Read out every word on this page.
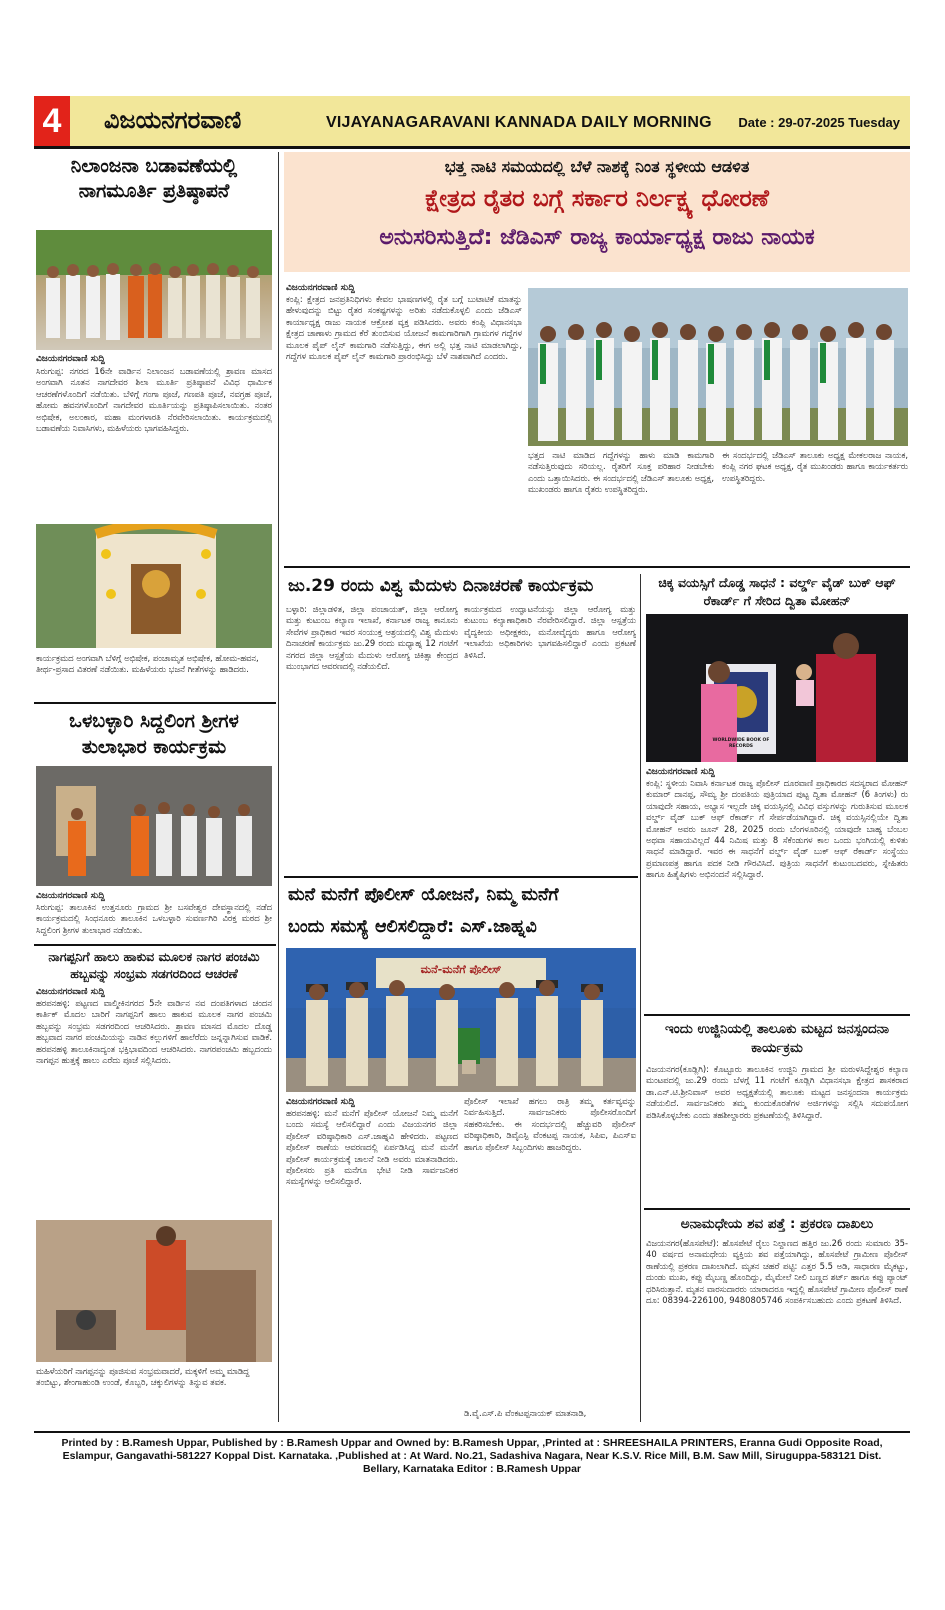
4	ವಿಜಯನಗರವಾಣಿ	VIJAYANAGARAVANI KANNADA DAILY MORNING Date : 29-07-2025 Tuesday
ನಿಲಾಂಜನಾ ಬಡಾವಣೆಯಲ್ಲಿ ನಾಗಮೂರ್ತಿ ಪ್ರತಿಷ್ಠಾಪನೆ
ವಿಜಯನಗರವಾಣಿ ಸುದ್ದಿ
ಸಿರುಗುಪ್ಪ: ನಗರದ 16ನೇ ವಾರ್ಡಿನ ನಿಲಾಂಜನ ಬಡಾವಣೆಯಲ್ಲಿ ಶ್ರಾವಣ ಮಾಸದ ಅಂಗವಾಗಿ ನೂತನ ನಾಗದೇವರ ಶಿಲಾ ಮೂರ್ತಿ ಪ್ರತಿಷ್ಠಾಪನೆ ವಿವಿಧ ಧಾರ್ಮಿಕ ಆಚರಣೆಗಳೊಂದಿಗೆ ನಡೆಯಿತು. ಬೆಳಿಗ್ಗೆ ಗಂಗಾ ಪೂಜೆ, ಗಣಪತಿ ಪೂಜೆ, ನವಗ್ರಹ ಪೂಜೆ, ಹೋಮ ಹವನಗಳೊಂದಿಗೆ ನಾಗದೇವರ ಮೂರ್ತಿಯನ್ನು ಪ್ರತಿಷ್ಠಾಪಿಸಲಾಯಿತು. ನಂತರ ಅಭಿಷೇಕ, ಅಲಂಕಾರ, ಮಹಾ ಮಂಗಳಾರತಿ ನೆರವೇರಿಸಲಾಯಿತು. ಕಾರ್ಯಕ್ರಮದಲ್ಲಿ ಬಡಾವಣೆಯ ನಿವಾಸಿಗಳು, ಮಹಿಳೆಯರು ಭಾಗವಹಿಸಿದ್ದರು.
ಕಾರ್ಯಕ್ರಮದ ಅಂಗವಾಗಿ ಬೆಳಿಗ್ಗೆ ಅಭಿಷೇಕ, ಪಂಚಾಮೃತ ಅಭಿಷೇಕ, ಹೋಮ-ಹವನ, ತೀರ್ಥ-ಪ್ರಸಾದ ವಿತರಣೆ ನಡೆಯಿತು. ಮಹಿಳೆಯರು ಭಜನೆ ಗೀತೆಗಳನ್ನು ಹಾಡಿದರು.
ಒಳಬಳ್ಳಾರಿ ಸಿದ್ದಲಿಂಗ ಶ್ರೀಗಳ ತುಲಾಭಾರ ಕಾರ್ಯಕ್ರಮ
ವಿಜಯನಗರವಾಣಿ ಸುದ್ದಿ
ಸಿರುಗುಪ್ಪ: ತಾಲೂಕಿನ ಉತ್ತನೂರು ಗ್ರಾಮದ ಶ್ರೀ ಬಸವೇಶ್ವರ ದೇವಸ್ಥಾನದಲ್ಲಿ ನಡೆದ ಕಾರ್ಯಕ್ರಮದಲ್ಲಿ ಸಿಂಧನೂರು ತಾಲೂಕಿನ ಒಳಬಳ್ಳಾರಿ ಸುವರ್ಣಗಿರಿ ವಿರಕ್ತ ಮಠದ ಶ್ರೀ ಸಿದ್ದಲಿಂಗ ಶ್ರೀಗಳ ತುಲಾಭಾರ ನಡೆಯಿತು.
ನಾಗಪ್ಪನಿಗೆ ಹಾಲು ಹಾಕುವ ಮೂಲಕ ನಾಗರ ಪಂಚಮಿ ಹಬ್ಬವನ್ನು ಸಂಭ್ರಮ ಸಡಗರದಿಂದ ಆಚರಣೆ
ವಿಜಯನಗರವಾಣಿ ಸುದ್ದಿ
ಹರಪನಹಳ್ಳಿ: ಪಟ್ಟಣದ ವಾಲ್ಮೀಕಿನಗರದ 5ನೇ ವಾರ್ಡಿನ ನವ ದಂಪತಿಗಳಾದ ಚಂದನ ಕಾರ್ತಿಕ್ ಮೊದಲ ಬಾರಿಗೆ ನಾಗಪ್ಪನಿಗೆ ಹಾಲು ಹಾಕುವ ಮೂಲಕ ನಾಗರ ಪಂಚಮಿ ಹಬ್ಬವನ್ನು ಸಂಭ್ರಮ ಸಡಗರದಿಂದ ಆಚರಿಸಿದರು. ಶ್ರಾವಣ ಮಾಸದ ಮೊದಲ ದೊಡ್ಡ ಹಬ್ಬವಾದ ನಾಗರ ಪಂಚಮಿಯನ್ನು ನಾಡಿನ ಕಲ್ಲುಗಳಿಗೆ ಹಾಲೆರೆದು ಜನ್ನನ್ನಾಗಿಸುವ ವಾಡಿಕೆ. ಹರಪನಹಳ್ಳಿ ತಾಲೂಕಿನಾದ್ಯಂತ ಭಕ್ತಿಭಾವದಿಂದ ಆಚರಿಸಿದರು. ನಾಗರಪಂಚಮಿ ಹಬ್ಬದಂದು ನಾಗಪ್ಪನ ಹುತ್ತಕ್ಕೆ ಹಾಲು ಎರೆದು ಪೂಜೆ ಸಲ್ಲಿಸಿದರು.
ಮಹಿಳೆಯರಿಗೆ ನಾಗಪ್ಪನನ್ನು ಪೂಜಿಸುವ ಸಂಭ್ರಮವಾದರೆ, ಮಕ್ಕಳಿಗೆ ಅಮ್ಮ ಮಾಡಿದ್ದ ತಂಬಿಟ್ಟು, ಶೇಂಗಾಹುಂಡಿ ಉಂಡೆ, ಕೊಬ್ಬರಿ, ಚಕ್ಕುಲಿಗಳನ್ನು ತಿನ್ನುವ ತವಕ.
ಭತ್ತ ನಾಟಿ ಸಮಯದಲ್ಲಿ ಬೆಳೆ ನಾಶಕ್ಕೆ ನಿಂತ ಸ್ಥಳೀಯ ಆಡಳಿತ
ಕ್ಷೇತ್ರದ ರೈತರ ಬಗ್ಗೆ ಸರ್ಕಾರ ನಿರ್ಲಕ್ಷ್ಯ ಧೋರಣೆ
ಅನುಸರಿಸುತ್ತಿದೆ: ಜೆಡಿಎಸ್ ರಾಜ್ಯ ಕಾರ್ಯಾಧ್ಯಕ್ಷ ರಾಜು ನಾಯಕ
ವಿಜಯನಗರವಾಣಿ ಸುದ್ದಿ
ಕಂಪ್ಲಿ: ಕ್ಷೇತ್ರದ ಜನಪ್ರತಿನಿಧಿಗಳು ಕೇವಲ ಭಾಷಣಗಳಲ್ಲಿ ರೈತ ಬಗ್ಗೆ ಬುಟಾಟಿಕೆ ಮಾತನ್ನು ಹೇಳುವುದನ್ನು ಬಿಟ್ಟು ರೈತರ ಸಂಕಷ್ಟಗಳನ್ನು ಅರಿತು ನಡೆದುಕೊಳ್ಳಲಿ ಎಂದು ಜೆಡಿಎಸ್ ಕಾರ್ಯಾಧ್ಯಕ್ಷ ರಾಜು ನಾಯಕ ಆಕ್ರೋಶ ವ್ಯಕ್ತ ಪಡಿಸಿದರು. ಅವರು ಕಂಪ್ಲಿ ವಿಧಾನಸಭಾ ಕ್ಷೇತ್ರದ ಚಾಣಾಳು ಗ್ರಾಮದ ಕೆರೆ ತುಂಬಿಸುವ ಯೋಜನೆ ಕಾಮಗಾರಿಗಾಗಿ ಗ್ರಾಮಗಳ ಗದ್ದೆಗಳ ಮೂಲಕ ಪೈಪ್ ಲೈನ್ ಕಾಮಗಾರಿ ನಡೆಸುತ್ತಿದ್ದು, ಈಗ ಅಲ್ಲಿ ಭತ್ತ ನಾಟಿ ಮಾಡಲಾಗಿದ್ದು, ಗದ್ದೆಗಳ ಮೂಲಕ ಪೈಪ್ ಲೈನ್ ಕಾಮಗಾರಿ ಪ್ರಾರಂಭಿಸಿದ್ದು ಬೆಳೆ ನಾಶವಾಗಿದೆ ಎಂದರು.
ಭತ್ತದ ನಾಟಿ ಮಾಡಿದ ಗದ್ದೆಗಳನ್ನು ಹಾಳು ಮಾಡಿ ಕಾಮಗಾರಿ ನಡೆಸುತ್ತಿರುವುದು ಸರಿಯಲ್ಲ. ರೈತರಿಗೆ ಸೂಕ್ತ ಪರಿಹಾರ ನೀಡಬೇಕು ಎಂದು ಒತ್ತಾಯಿಸಿದರು. ಈ ಸಂದರ್ಭದಲ್ಲಿ ಜೆಡಿಎಸ್ ತಾಲೂಕು ಅಧ್ಯಕ್ಷ, ಮುಖಂಡರು ಹಾಗೂ ರೈತರು ಉಪಸ್ಥಿತರಿದ್ದರು.
ಈ ಸಂದರ್ಭದಲ್ಲಿ ಜೆಡಿಎಸ್ ತಾಲೂಕು ಅಧ್ಯಕ್ಷ ಮೇಕಲರಾಜ ನಾಯಕ, ಕಂಪ್ಲಿ ನಗರ ಘಟಕ ಅಧ್ಯಕ್ಷ, ರೈತ ಮುಖಂಡರು ಹಾಗೂ ಕಾರ್ಯಕರ್ತರು ಉಪಸ್ಥಿತರಿದ್ದರು.
ಜು.29 ರಂದು ವಿಶ್ವ ಮೆದುಳು ದಿನಾಚರಣೆ ಕಾರ್ಯಕ್ರಮ
ಬಳ್ಳಾರಿ: ಜಿಲ್ಲಾಡಳಿತ, ಜಿಲ್ಲಾ ಪಂಚಾಯತ್, ಜಿಲ್ಲಾ ಆರೋಗ್ಯ ಮತ್ತು ಕುಟುಂಬ ಕಲ್ಯಾಣ ಇಲಾಖೆ, ಕರ್ನಾಟಕ ರಾಜ್ಯ ಕಾನೂನು ಸೇವೆಗಳ ಪ್ರಾಧಿಕಾರ ಇವರ ಸಂಯುಕ್ತ ಆಶ್ರಯದಲ್ಲಿ ವಿಶ್ವ ಮೆದುಳು ದಿನಾಚರಣೆ ಕಾರ್ಯಕ್ರಮ ಜು.29 ರಂದು ಮಧ್ಯಾಹ್ನ 12 ಗಂಟೆಗೆ ನಗರದ ಜಿಲ್ಲಾ ಆಸ್ಪತ್ರೆಯ ಮೆದುಳು ಆರೋಗ್ಯ ಚಿಕಿತ್ಸಾ ಕೇಂದ್ರದ ಮುಂಭಾಗದ ಆವರಣದಲ್ಲಿ ನಡೆಯಲಿದೆ.
ಕಾರ್ಯಕ್ರಮದ ಉದ್ಘಾಟನೆಯನ್ನು ಜಿಲ್ಲಾ ಆರೋಗ್ಯ ಮತ್ತು ಕುಟುಂಬ ಕಲ್ಯಾಣಾಧಿಕಾರಿ ನೆರವೇರಿಸಲಿದ್ದಾರೆ. ಜಿಲ್ಲಾ ಆಸ್ಪತ್ರೆಯ ವೈದ್ಯಕೀಯ ಅಧೀಕ್ಷಕರು, ಮನೋವೈದ್ಯರು ಹಾಗೂ ಆರೋಗ್ಯ ಇಲಾಖೆಯ ಅಧಿಕಾರಿಗಳು ಭಾಗವಹಿಸಲಿದ್ದಾರೆ ಎಂದು ಪ್ರಕಟಣೆ ತಿಳಿಸಿದೆ.
ಮನೆ ಮನೆಗೆ ಪೊಲೀಸ್ ಯೋಜನೆ, ನಿಮ್ಮ ಮನೆಗೆ
ಬಂದು ಸಮಸ್ಯೆ ಆಲಿಸಲಿದ್ದಾರೆ: ಎಸ್.ಜಾಹ್ನವಿ
ಮನೆ-ಮನೆಗೆ ಪೊಲೀಸ್
ವಿಜಯನಗರವಾಣಿ ಸುದ್ದಿ
ಹರಪನಹಳ್ಳಿ: ಮನೆ ಮನೆಗೆ ಪೊಲೀಸ್ ಯೋಜನೆ ನಿಮ್ಮ ಮನೆಗೆ ಬಂದು ಸಮಸ್ಯೆ ಆಲಿಸಲಿದ್ದಾರೆ ಎಂದು ವಿಜಯನಗರ ಜಿಲ್ಲಾ ಪೊಲೀಸ್ ವರಿಷ್ಠಾಧಿಕಾರಿ ಎಸ್.ಜಾಹ್ನವಿ ಹೇಳಿದರು. ಪಟ್ಟಣದ ಪೊಲೀಸ್ ಠಾಣೆಯ ಆವರಣದಲ್ಲಿ ಏರ್ಪಡಿಸಿದ್ದ ಮನೆ ಮನೆಗೆ ಪೊಲೀಸ್ ಕಾರ್ಯಕ್ರಮಕ್ಕೆ ಚಾಲನೆ ನೀಡಿ ಅವರು ಮಾತನಾಡಿದರು. ಪೊಲೀಸರು ಪ್ರತಿ ಮನೆಗೂ ಭೇಟಿ ನೀಡಿ ಸಾರ್ವಜನಿಕರ ಸಮಸ್ಯೆಗಳನ್ನು ಆಲಿಸಲಿದ್ದಾರೆ.
ಪೊಲೀಸ್ ಇಲಾಖೆ ಹಗಲು ರಾತ್ರಿ ತಮ್ಮ ಕರ್ತವ್ಯವನ್ನು ನಿರ್ವಹಿಸುತ್ತಿದೆ. ಸಾರ್ವಜನಿಕರು ಪೊಲೀಸರೊಂದಿಗೆ ಸಹಕರಿಸಬೇಕು. ಈ ಸಂದರ್ಭದಲ್ಲಿ ಹೆಚ್ಚುವರಿ ಪೊಲೀಸ್ ವರಿಷ್ಠಾಧಿಕಾರಿ, ಡಿವೈಎಸ್ಪಿ ವೆಂಕಟಪ್ಪ ನಾಯಕ, ಸಿಪಿಐ, ಪಿಎಸ್ಐ ಹಾಗೂ ಪೊಲೀಸ್ ಸಿಬ್ಬಂದಿಗಳು ಹಾಜರಿದ್ದರು.
ಡಿ.ವೈ.ಎಸ್.ಪಿ ವೆಂಕಟಪ್ಪನಾಯಕ್ ಮಾತನಾಡಿ,
ಚಿಕ್ಕ ವಯಸ್ಸಿಗೆ ದೊಡ್ಡ ಸಾಧನೆ : ವರ್ಲ್ಡ್ ವೈಡ್ ಬುಕ್ ಆಫ್ ರೆಕಾರ್ಡ್ ಗೆ ಸೇರಿದ ದ್ವಿತಾ ಮೋಹನ್
WORLDWIDE BOOK OF RECORDS
ವಿಜಯನಗರವಾಣಿ ಸುದ್ದಿ
ಕಂಪ್ಲಿ: ಸ್ಥಳೀಯ ನಿವಾಸಿ ಕರ್ನಾಟಕ ರಾಜ್ಯ ಪೊಲೀಸ್ ದೂರವಾಣಿ ಪ್ರಾಧಿಕಾರದ ಸದಸ್ಯರಾದ ಮೋಹನ್ ಕುಮಾರ್ ದಾನಪ್ಪ, ಸೌಮ್ಯ ಶ್ರೀ ದಂಪತಿಯ ಪುತ್ರಿಯಾದ ಪುಟ್ಟ ದ್ವಿತಾ ಮೋಹನ್ (6 ತಿಂಗಳು) ರು ಯಾವುದೇ ಸಹಾಯ, ಅಭ್ಯಾಸ ಇಲ್ಲದೇ ಚಿಕ್ಕ ವಯಸ್ಸಿನಲ್ಲಿ ವಿವಿಧ ವಸ್ತುಗಳನ್ನು ಗುರುತಿಸುವ ಮೂಲಕ ವರ್ಲ್ಡ್ ವೈಡ್ ಬುಕ್ ಆಫ್ ರೆಕಾರ್ಡ್ ಗೆ ಸೇರ್ಪಡೆಯಾಗಿದ್ದಾರೆ. ಚಿಕ್ಕ ವಯಸ್ಸಿನಲ್ಲಿಯೇ ದ್ವಿತಾ ಮೋಹನ್ ಅವರು ಜೂನ್ 28, 2025 ರಂದು ಬೆಂಗಳೂರಿನಲ್ಲಿ ಯಾವುದೇ ಬಾಹ್ಯ ಬೆಂಬಲ ಅಥವಾ ಸಹಾಯವಿಲ್ಲದೆ 44 ನಿಮಿಷ ಮತ್ತು 8 ಸೆಕೆಂಡುಗಳ ಕಾಲ ಒಂದು ಭಂಗಿಯಲ್ಲಿ ಕುಳಿತು ಸಾಧನೆ ಮಾಡಿದ್ದಾರೆ. ಇವರ ಈ ಸಾಧನೆಗೆ ವರ್ಲ್ಡ್ ವೈಡ್ ಬುಕ್ ಆಫ್ ರೆಕಾರ್ಡ್ ಸಂಸ್ಥೆಯು ಪ್ರಮಾಣಪತ್ರ ಹಾಗೂ ಪದಕ ನೀಡಿ ಗೌರವಿಸಿದೆ. ಪುತ್ರಿಯ ಸಾಧನೆಗೆ ಕುಟುಂಬದವರು, ಸ್ನೇಹಿತರು ಹಾಗೂ ಹಿತೈಷಿಗಳು ಅಭಿನಂದನೆ ಸಲ್ಲಿಸಿದ್ದಾರೆ.
ಇಂದು ಉಜ್ಜಿನಿಯಲ್ಲಿ ತಾಲೂಕು ಮಟ್ಟದ ಜನಸ್ಪಂದನಾ ಕಾರ್ಯಕ್ರಮ
ವಿಜಯನಗರ(ಕೂಡ್ಲಿಗಿ): ಕೊಟ್ಟೂರು ತಾಲೂಕಿನ ಉಜ್ಜಿನಿ ಗ್ರಾಮದ ಶ್ರೀ ಮರುಳಸಿದ್ದೇಶ್ವರ ಕಲ್ಯಾಣ ಮಂಟಪದಲ್ಲಿ ಜು.29 ರಂದು ಬೆಳಗ್ಗೆ 11 ಗಂಟೆಗೆ ಕೂಡ್ಲಿಗಿ ವಿಧಾನಸಭಾ ಕ್ಷೇತ್ರದ ಶಾಸಕರಾದ ಡಾ.ಎನ್.ಟಿ.ಶ್ರೀನಿವಾಸ್ ಅವರ ಅಧ್ಯಕ್ಷತೆಯಲ್ಲಿ ತಾಲೂಕು ಮಟ್ಟದ ಜನಸ್ಪಂದನಾ ಕಾರ್ಯಕ್ರಮ ನಡೆಯಲಿದೆ. ಸಾರ್ವಜನಿಕರು ತಮ್ಮ ಕುಂದುಕೊರತೆಗಳ ಅರ್ಜಿಗಳನ್ನು ಸಲ್ಲಿಸಿ ಸದುಪಯೋಗ ಪಡಿಸಿಕೊಳ್ಳಬೇಕು ಎಂದು ತಹಶೀಲ್ದಾರರು ಪ್ರಕಟಣೆಯಲ್ಲಿ ತಿಳಿಸಿದ್ದಾರೆ.
ಅನಾಮಧೇಯ ಶವ ಪತ್ತೆ : ಪ್ರಕರಣ ದಾಖಲು
ವಿಜಯನಗರ(ಹೊಸಪೇಟೆ): ಹೊಸಪೇಟೆ ರೈಲು ನಿಲ್ದಾಣದ ಹತ್ತಿರ ಜು.26 ರಂದು ಸುಮಾರು 35-40 ವರ್ಷದ ಅನಾಮಧೇಯ ವ್ಯಕ್ತಿಯ ಶವ ಪತ್ತೆಯಾಗಿದ್ದು, ಹೊಸಪೇಟೆ ಗ್ರಾಮೀಣ ಪೊಲೀಸ್ ಠಾಣೆಯಲ್ಲಿ ಪ್ರಕರಣ ದಾಖಲಾಗಿದೆ. ಮೃತನ ಚಹರೆ ಪಟ್ಟಿ: ಎತ್ತರ 5.5 ಅಡಿ, ಸಾಧಾರಣ ಮೈಕಟ್ಟು, ದುಂಡು ಮುಖ, ಕಪ್ಪು ಮೈಬಣ್ಣ ಹೊಂದಿದ್ದು, ಮೈಮೇಲೆ ನೀಲಿ ಬಣ್ಣದ ಶರ್ಟ್ ಹಾಗೂ ಕಪ್ಪು ಪ್ಯಾಂಟ್ ಧರಿಸಿರುತ್ತಾನೆ. ಮೃತನ ವಾರಸುದಾರರು ಯಾರಾದರೂ ಇದ್ದಲ್ಲಿ ಹೊಸಪೇಟೆ ಗ್ರಾಮೀಣ ಪೊಲೀಸ್ ಠಾಣೆ ದೂ: 08394-226100, 9480805746 ಸಂಪರ್ಕಿಸಬಹುದು ಎಂದು ಪ್ರಕಟಣೆ ತಿಳಿಸಿದೆ.
Printed by : B.Ramesh Uppar, Published by : B.Ramesh Uppar and Owned by: B.Ramesh Uppar, ,Printed at : SHREESHAILA PRINTERS, Eranna Gudi Opposite Road,
Eslampur, Gangavathi-581227 Koppal Dist. Karnataka. ,Published at : At Ward. No.21, Sadashiva Nagara, Near K.S.V. Rice Mill, B.M. Saw Mill, Siruguppa-583121 Dist.
Bellary, Karnataka Editor : B.Ramesh Uppar
